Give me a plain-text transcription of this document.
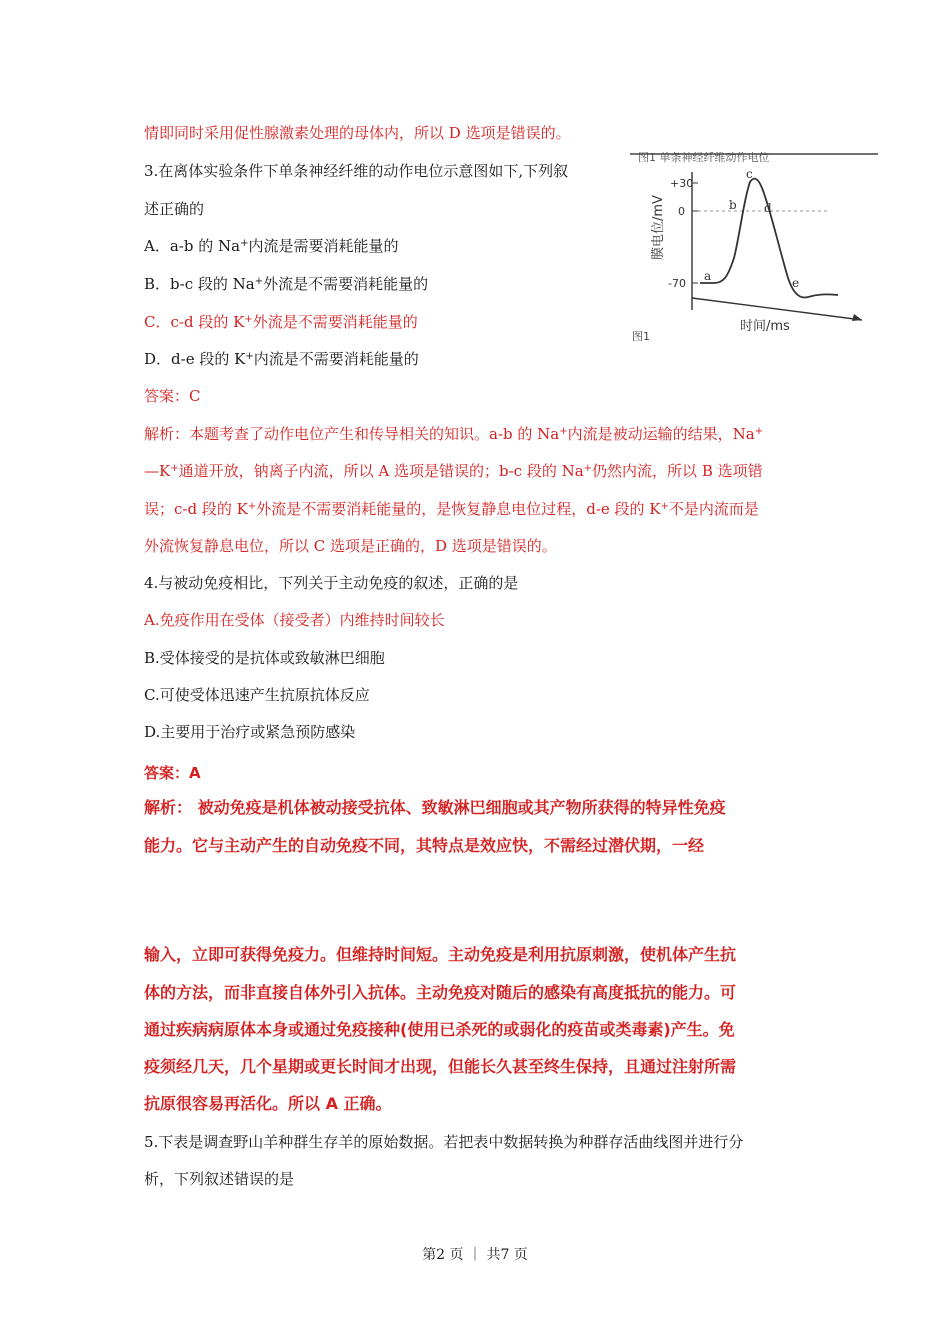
情即同时采用促性腺激素处理的母体内，所以 D 选项是错误的。
3.在离体实验条件下单条神经纤维的动作电位示意图如下,下列叙
述正确的
A．a-b 的 Na+内流是需要消耗能量的
B．b-c 段的 Na+外流是不需要消耗能量的
C．c-d 段的 K+外流是不需要消耗能量的
D．d-e 段的 K+内流是不需要消耗能量的
答案：C
解析：本题考查了动作电位产生和传导相关的知识。a-b 的 Na+内流是被动运输的结果，Na+
—K+通道开放，钠离子内流，所以 A 选项是错误的；b-c 段的 Na+仍然内流，所以 B 选项错
误；c-d 段的 K+外流是不需要消耗能量的，是恢复静息电位过程，d-e 段的 K+不是内流而是
外流恢复静息电位，所以 C 选项是正确的，D 选项是错误的。
图1 单条神经纤维动作电位
+30
0
-70
膜电位/mV
时间/ms
a
b
c
d
e
图1
4.与被动免疫相比，下列关于主动免疫的叙述，正确的是
A.免疫作用在受体（接受者）内维持时间较长
B.受体接受的是抗体或致敏淋巴细胞
C.可使受体迅速产生抗原抗体反应
D.主要用于治疗或紧急预防感染
答案：A
解析： 被动免疫是机体被动接受抗体、致敏淋巴细胞或其产物所获得的特异性免疫
能力。它与主动产生的自动免疫不同，其特点是效应快，不需经过潜伏期，一经
输入，立即可获得免疫力。但维持时间短。主动免疫是利用抗原刺激，使机体产生抗
体的方法，而非直接自体外引入抗体。主动免疫对随后的感染有高度抵抗的能力。可
通过疾病病原体本身或通过免疫接种(使用已杀死的或弱化的疫苗或类毒素)产生。免
疫须经几天，几个星期或更长时间才出现，但能长久甚至终生保持，且通过注射所需
抗原很容易再活化。所以 A 正确。
5.下表是调查野山羊种群生存羊的原始数据。若把表中数据转换为种群存活曲线图并进行分
析，下列叙述错误的是
第2 页 ｜ 共7 页
